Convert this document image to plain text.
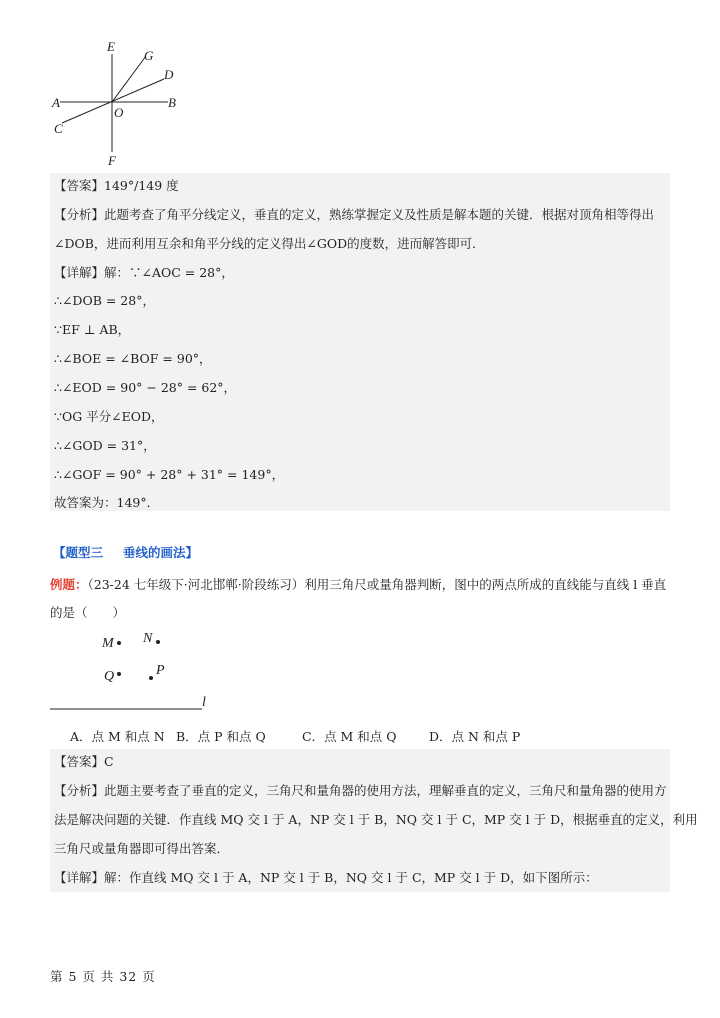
E
G
D
A
O
B
C
F
【答案】149°/149 度
【分析】此题考查了角平分线定义，垂直的定义，熟练掌握定义及性质是解本题的关键．根据对顶角相等得出
∠DOB，进而利用互余和角平分线的定义得出∠GOD的度数，进而解答即可．
【详解】解：∵∠AOC = 28°，
∴∠DOB = 28°，
∵EF ⊥ AB，
∴∠BOE = ∠BOF = 90°，
∴∠EOD = 90° − 28° = 62°，
∵OG 平分∠EOD，
∴∠GOD = 31°，
∴∠GOF = 90° + 28° + 31° = 149°，
故答案为：149°．
【题型三 垂线的画法】
例题：（23-24 七年级下·河北邯郸·阶段练习）利用三角尺或量角器判断，图中的两点所成的直线能与直线 l 垂直
的是（　　）
M N
Q	P
l
A．点 M 和点 N B．点 P 和点 Q	C．点 M 和点 Q	D．点 N 和点 P
【答案】C
【分析】此题主要考查了垂直的定义，三角尺和量角器的使用方法，理解垂直的定义，三角尺和量角器的使用方
法是解决问题的关键．作直线 MQ 交 l 于 A，NP 交 l 于 B，NQ 交 l 于 C，MP 交 l 于 D，根据垂直的定义，利用
三角尺或量角器即可得出答案．
【详解】解：作直线 MQ 交 l 于 A，NP 交 l 于 B，NQ 交 l 于 C，MP 交 l 于 D，如下图所示：
第 5 页 共 32 页
